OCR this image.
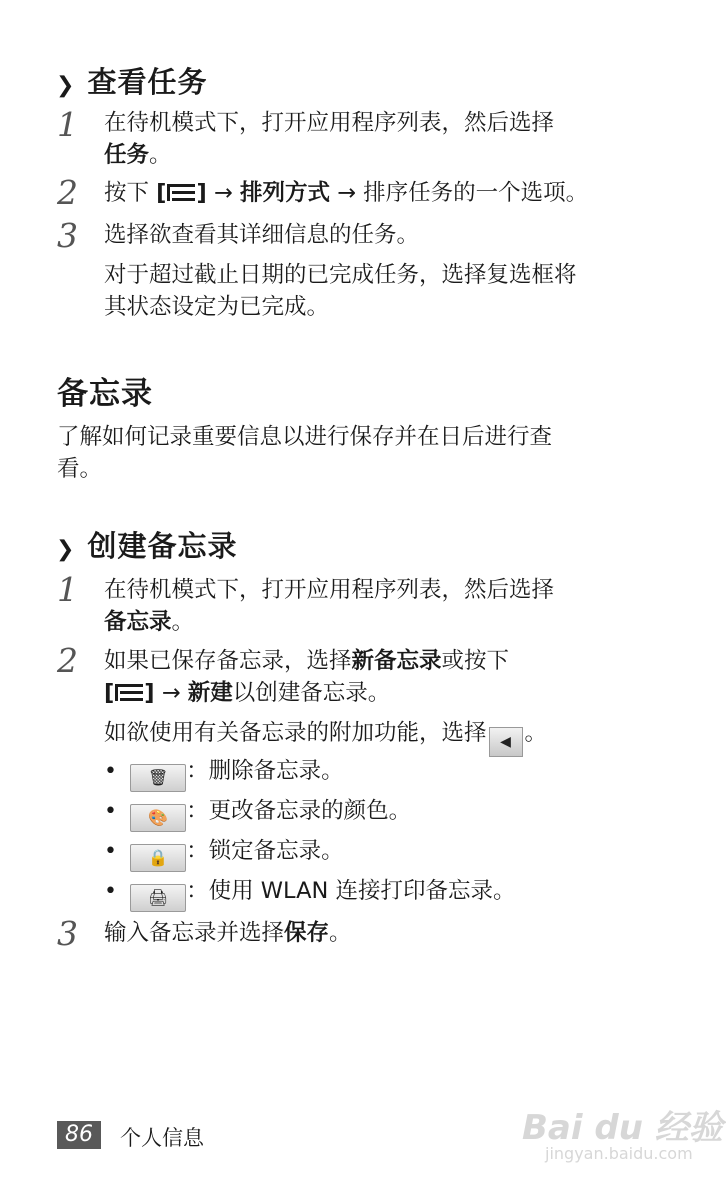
❯ 查看任务
1 在待机模式下，打开应用程序列表，然后选择
任务。
2 按下 [ ] → 排列方式 → 排序任务的一个选项。
3 选择欲查看其详细信息的任务。
对于超过截止日期的已完成任务，选择复选框将
其状态设定为已完成。
备忘录
了解如何记录重要信息以进行保存并在日后进行查
看。
❯ 创建备忘录
1 在待机模式下，打开应用程序列表，然后选择
备忘录。
2 如果已保存备忘录，选择新备忘录或按下
[ ] → 新建以创建备忘录。
如欲使用有关备忘录的附加功能，选择 ◀ 。
• 🗑 ：删除备忘录。
• 🎨 ：更改备忘录的颜色。
• 🔒 ：锁定备忘录。
• 🖨 ：使用 WLAN 连接打印备忘录。
3 输入备忘录并选择保存。
86	个人信息	Bai du 经验
jingyan.baidu.com
